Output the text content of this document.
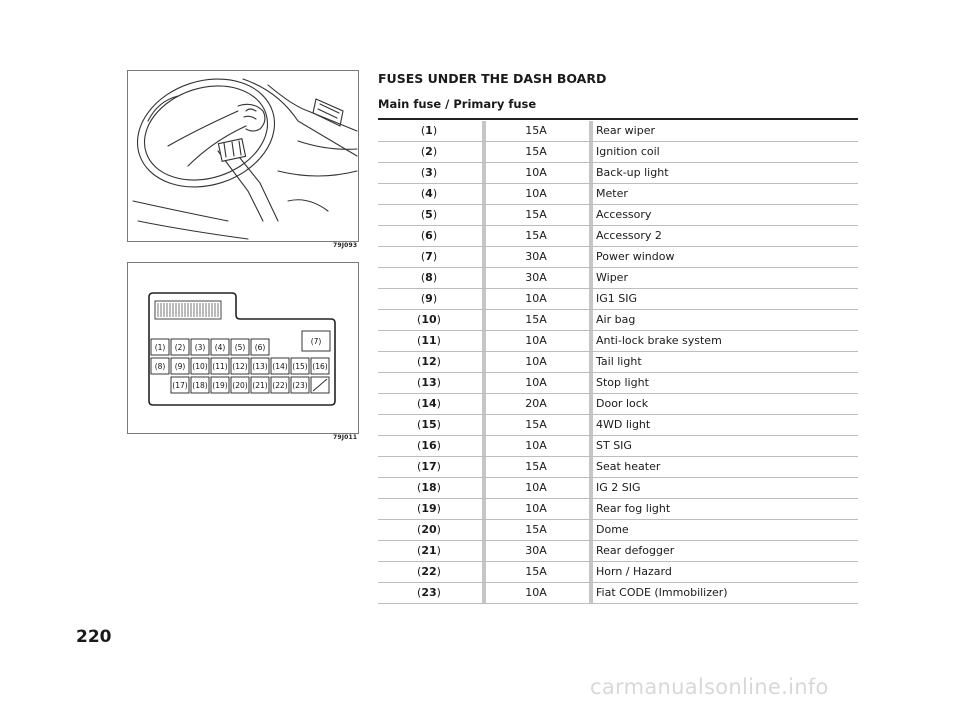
79J093
(1) (2) (3) (4) (5) (6)
(7)
(8) (9) (10) (11) (12) (13) (14) (15) (16)
(17) (18) (19) (20) (21) (22) (23)
79J011
FUSES UNDER THE DASH BOARD
Main fuse / Primary fuse
(1)	15A	Rear wiper
(2)	15A	Ignition coil
(3)	10A	Back-up light
(4)	10A	Meter
(5)	15A	Accessory
(6)	15A	Accessory 2
(7)	30A	Power window
(8)	30A	Wiper
(9)	10A	IG1 SIG
(10)	15A	Air bag
(11)	10A	Anti-lock brake system
(12)	10A	Tail light
(13)	10A	Stop light
(14)	20A	Door lock
(15)	15A	4WD light
(16)	10A	ST SIG
(17)	15A	Seat heater
(18)	10A	IG 2 SIG
(19)	10A	Rear fog light
(20)	15A	Dome
(21)	30A	Rear defogger
(22)	15A	Horn / Hazard
(23)	10A	Fiat CODE (Immobilizer)
220
carmanualsonline.info
